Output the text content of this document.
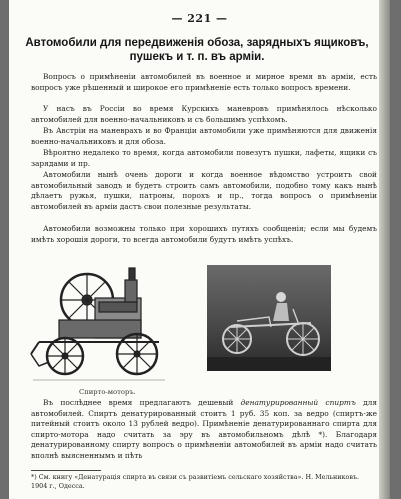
— 221 —
Автомобили для передвиженія обоза, зарядныхъ ящиковъ, пушекъ и т. п. въ арміи.

Вопросъ о примѣненіи автомобилей въ военное и мирное время въ арміи, есть вопросъ уже рѣшенный и широкое его примѣненіе есть только вопросъ времени.

У насъ въ Россіи во время Курскихъ маневровъ примѣнялось нѣсколько автомобилей для военно-начальниковъ и съ большимъ успѣхомъ.

Въ Австріи на маневрахъ и во Франціи автомобили уже примѣняются для движенія военно-начальниковъ и для обоза.

Вѣроятно недалеко то время, когда автомобили повезутъ пушки, лафеты, ящики съ зарядами и пр.

Автомобили нынѣ очень дороги и когда военное вѣдомство устроитъ свой автомобильный заводъ и будетъ строить самъ автомобили, подобно тому какъ нынѣ дѣлаетъ ружья, пушки, патроны, порохъ и пр., тогда вопросъ о примѣненіи автомобилей въ арміи дастъ свои полезные результаты.

Автомобили возможны только при хорошихъ путяхъ сообщенія; если мы будемъ имѣть хорошія дороги, то всегда автомобили будутъ имѣть успѣхъ.

Спирто-моторъ.

Въ послѣднее время предлагаютъ дешевый денатурированный спиртъ для автомобилей. Спиртъ денатурированный стоитъ 1 руб. 35 коп. за ведро (спиртъ-же питейный стоитъ около 13 рублей ведро). Примѣненіе денатурированнаго спирта для спирто-мотора надо считать за эру въ автомобильномъ дѣлѣ *). Благодаря денатурированному спирту вопросъ о примѣненіи автомобилей въ арміи надо считать вполнѣ выясненнымъ и пѣть

*) См. книгу «Денатурація спирта въ связи съ развитіемъ сельскаго хозяйства». Н. Мельниковъ. 1904 г., Одесса.
